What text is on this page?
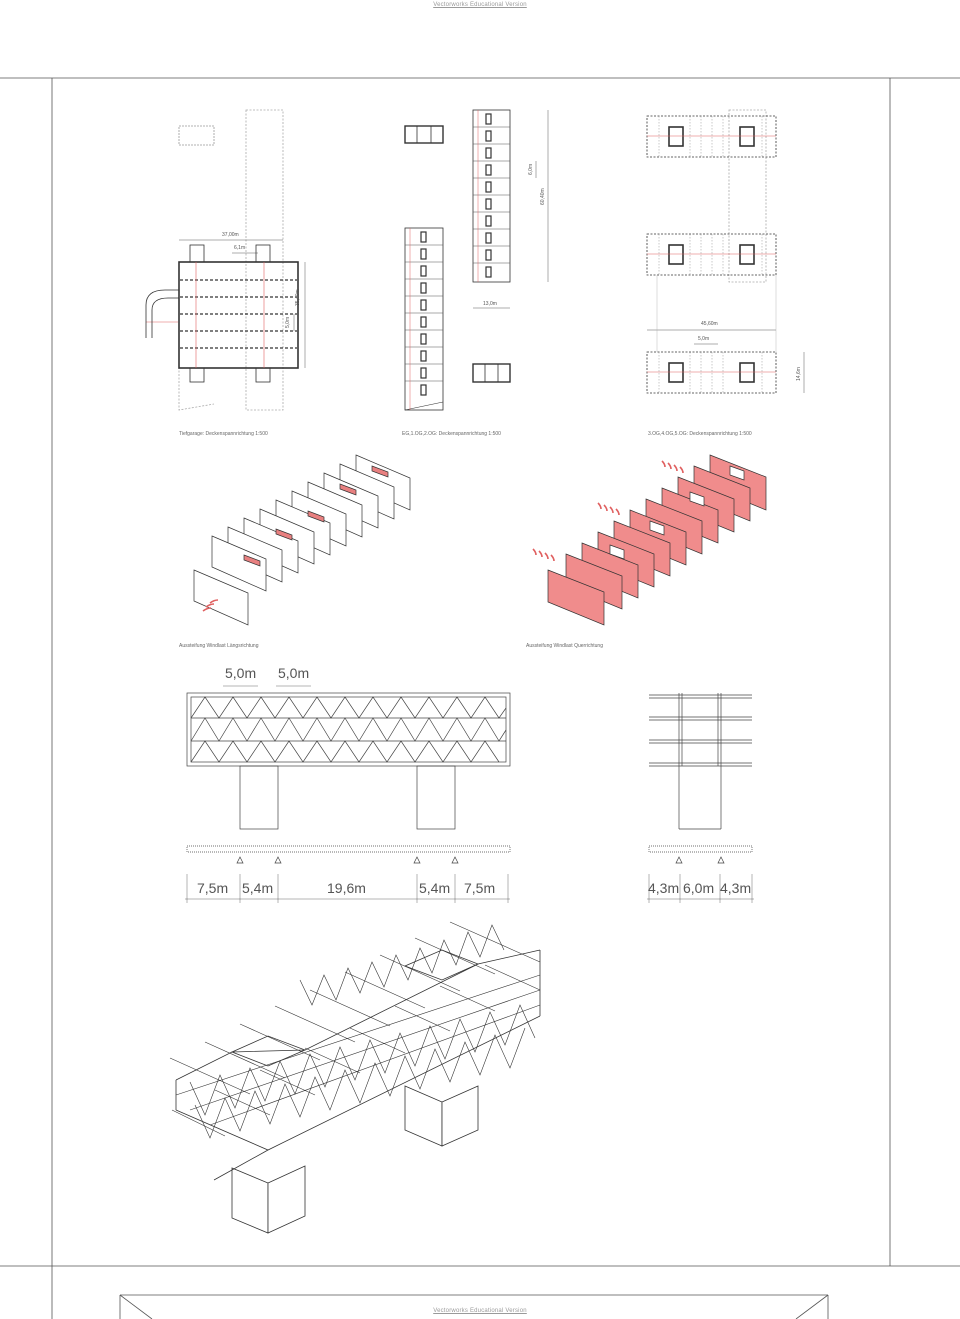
Vectorworks Educational Version
Vectorworks Educational Version
Tiefgarage: Deckenspannrichtung 1:500	EG,1.OG,2.OG: Deckenspannrichtung 1:500	3.OG,4.OG,5.OG: Deckenspannrichtung 1:500
Aussteifung Windlast Längsrichtung	Aussteifung Windlast Querrichtung
37,00m
6,1m
35,40m
5,0m
60,40m
6,0m
13,0m
45,60m
5,0m
14,6m
5,0m 5,0m
7,5m 5,4m	19,6m	5,4m 7,5m	4,3m 6,0m 4,3m
